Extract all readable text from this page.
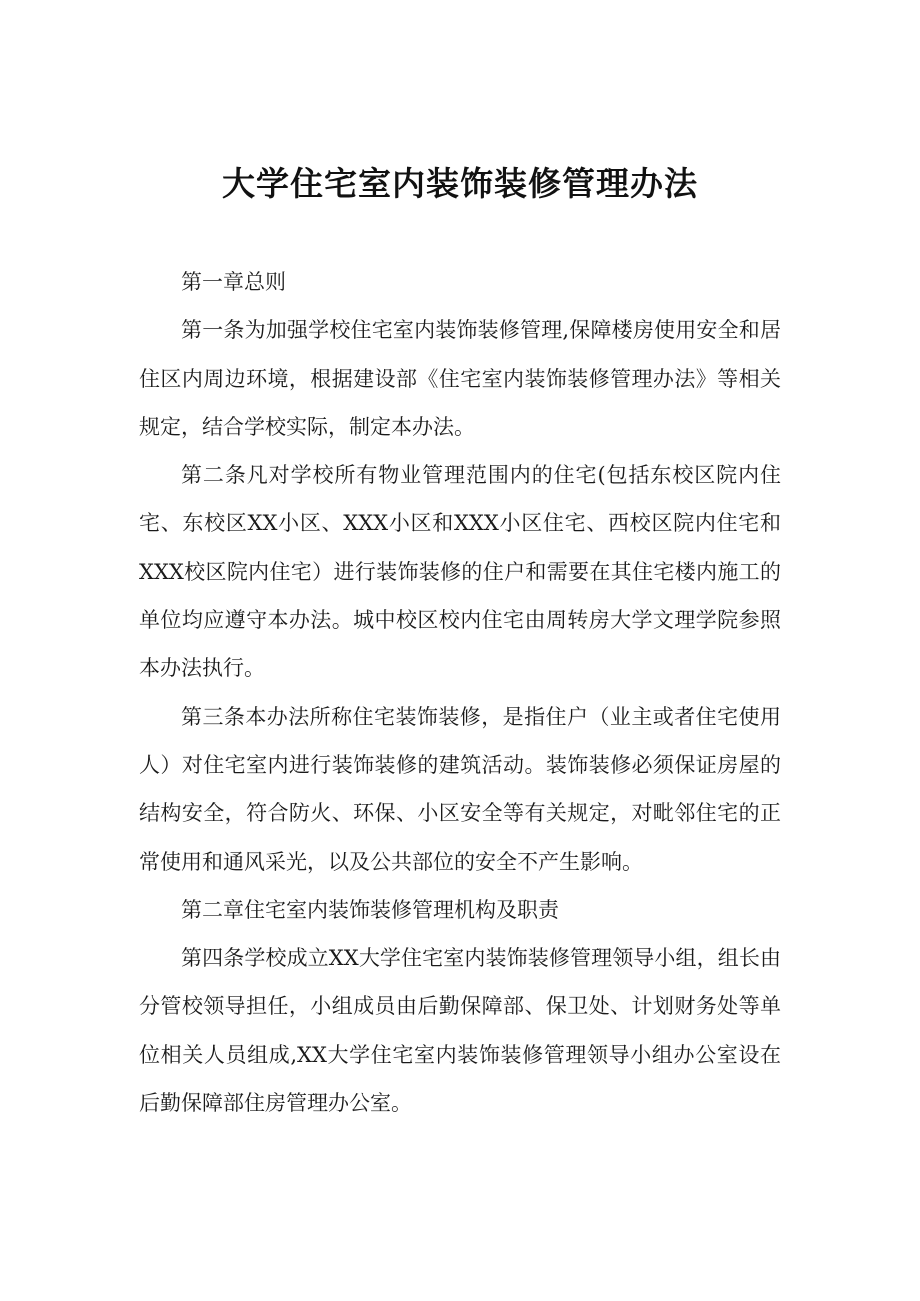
大学住宅室内装饰装修管理办法

第一章总则

第一条为加强学校住宅室内装饰装修管理,保障楼房使用安全和居住区内周边环境，根据建设部《住宅室内装饰装修管理办法》等相关规定，结合学校实际，制定本办法。

第二条凡对学校所有物业管理范围内的住宅(包括东校区院内住宅、东校区XX小区、XXX小区和XXX小区住宅、西校区院内住宅和XXX校区院内住宅）进行装饰装修的住户和需要在其住宅楼内施工的单位均应遵守本办法。城中校区校内住宅由周转房大学文理学院参照本办法执行。

第三条本办法所称住宅装饰装修，是指住户（业主或者住宅使用人）对住宅室内进行装饰装修的建筑活动。装饰装修必须保证房屋的结构安全，符合防火、环保、小区安全等有关规定，对毗邻住宅的正常使用和通风采光，以及公共部位的安全不产生影响。

第二章住宅室内装饰装修管理机构及职责

第四条学校成立XX大学住宅室内装饰装修管理领导小组，组长由分管校领导担任，小组成员由后勤保障部、保卫处、计划财务处等单位相关人员组成,XX大学住宅室内装饰装修管理领导小组办公室设在后勤保障部住房管理办公室。
